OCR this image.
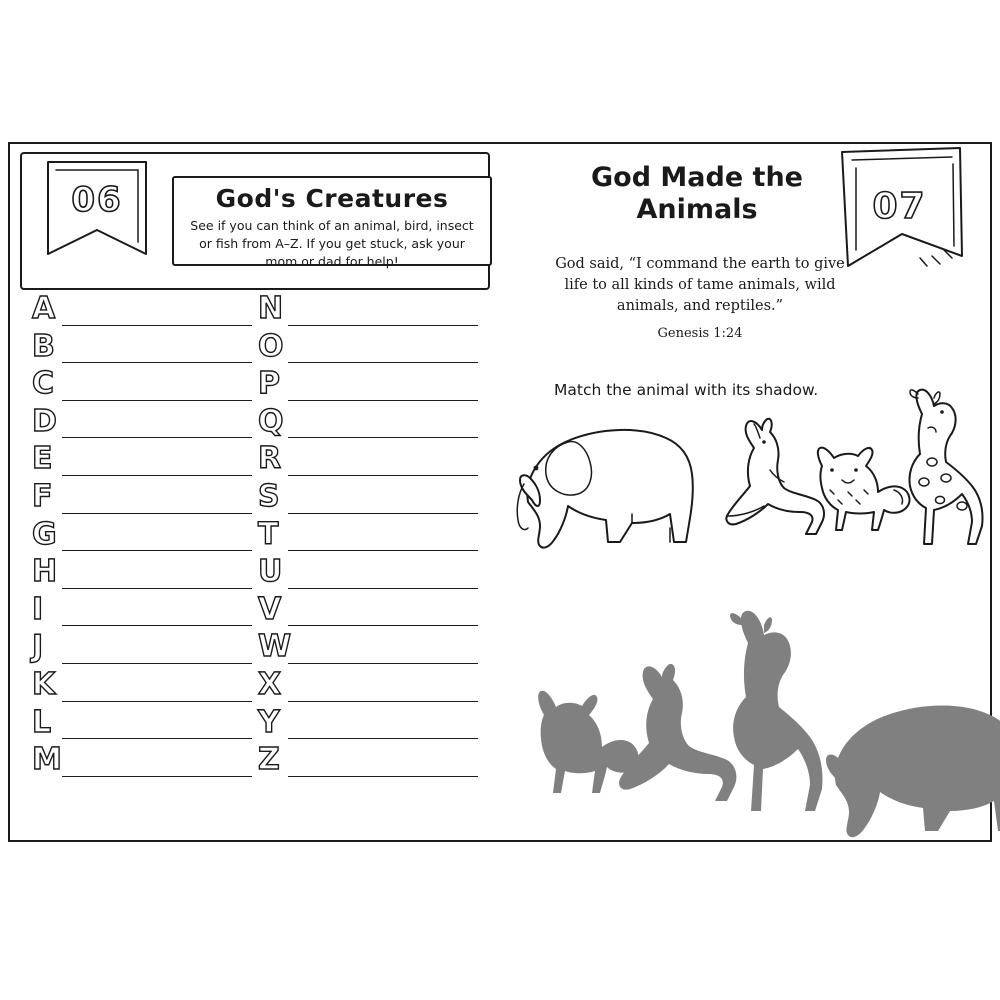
God's Creatures
See if you can think of an animal, bird, insect or fish from A–Z. If you get stuck, ask your mom or dad for help!
06
A
B
C
D
E
F
G
H
I
J
K
L
M
N
O
P
Q
R
S
T
U
V
W
X
Y
Z
God Made the Animals
God said, “I command the earth to give life to all kinds of tame animals, wild animals, and reptiles.”
Genesis 1:24
Match the animal with its shadow.
07
